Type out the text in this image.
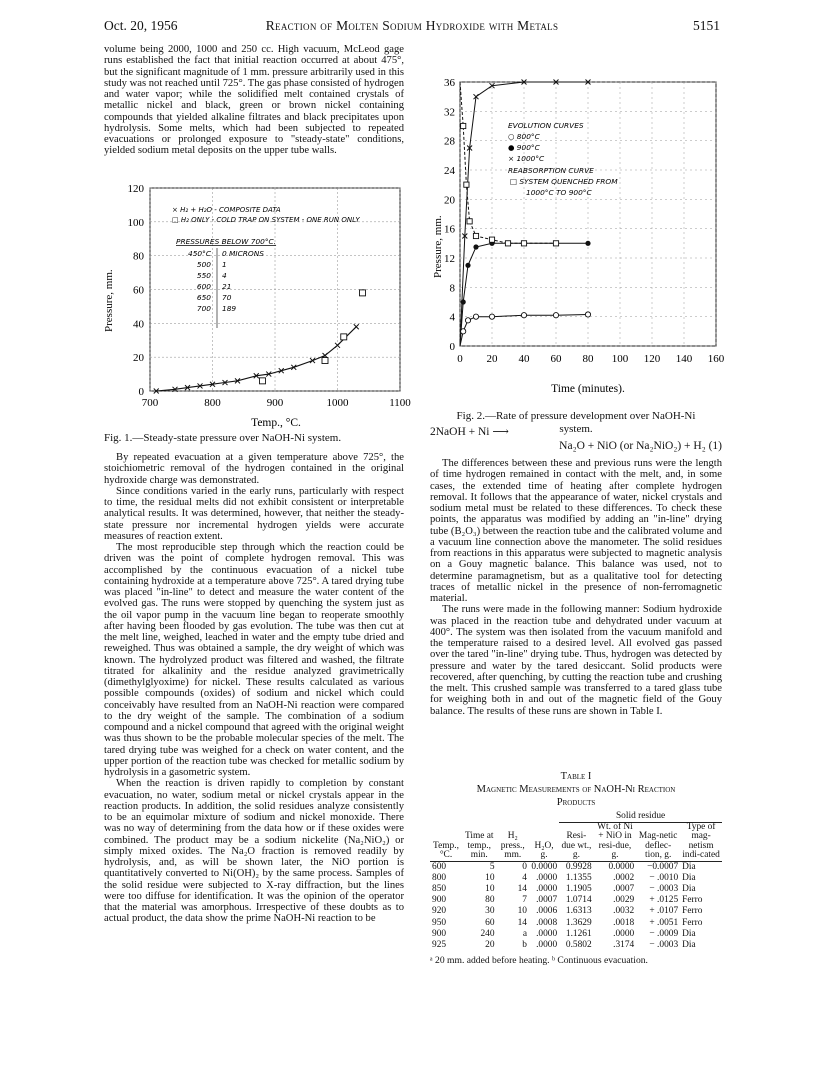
Oct. 20, 1956	Reaction of Molten Sodium Hydroxide with Metals	5151

volume being 2000, 1000 and 250 cc. High vacuum, McLeod gage runs established the fact that initial reaction occurred at about 475°, but the significant magnitude of 1 mm. pressure arbitrarily used in this study was not reached until 725°. The gas phase consisted of hydrogen and water vapor; while the solidified melt contained crystals of metallic nickel and black, green or brown nickel containing compounds that yielded alkaline filtrates and black precipitates upon hydrolysis. Some melts, which had been subjected to repeated evacuations or prolonged exposure to "steady-state" conditions, yielded sodium metal deposits on the upper tube walls.

700	800	900	1000	1100
0
20
40
60
80
100
120
Pressure, mm.
Temp., °C.
× H₂ + H₂O - COMPOSITE DATA
□ H₂ ONLY - COLD TRAP ON SYSTEM - ONE RUN ONLY
PRESSURES BELOW 700°C.
450°C 0 MICRONS
500 1
550 4
600 21
650 70
700 189
Fig. 1.—Steady-state pressure over NaOH-Ni system.
0 20 40 60 80 100 120 140 160
0
4
8
12
16
20
24
28
32
36
Pressure, mm.
Time (minutes).
EVOLUTION CURVES
○ 800°C
● 900°C
× 1000°C
REABSORPTION CURVE
□ SYSTEM QUENCHED FROM
1000°C TO 900°C
Fig. 2.—Rate of pressure development over NaOH-Ni
system.
2NaOH + Ni ⟶
Na₂O + NiO (or Na₂NiO₂) + H₂ (1)

By repeated evacuation at a given temperature above 725°, the stoichiometric removal of the hydrogen contained in the original hydroxide charge was demonstrated.

Since conditions varied in the early runs, particularly with respect to time, the residual melts did not exhibit consistent or interpretable analytical results. It was determined, however, that neither the steady-state pressure nor incremental hydrogen yields were accurate measures of reaction extent.

The most reproducible step through which the reaction could be driven was the point of complete hydrogen removal. This was accomplished by the continuous evacuation of a nickel tube containing hydroxide at a temperature above 725°. A tared drying tube was placed "in-line" to detect and measure the water content of the evolved gas. The runs were stopped by quenching the system just as the oil vapor pump in the vacuum line began to reoperate smoothly after having been flooded by gas evolution. The tube was then cut at the melt line, weighed, leached in water and the empty tube dried and reweighed. Thus was obtained a sample, the dry weight of which was known. The hydrolyzed product was filtered and washed, the filtrate titrated for alkalinity and the residue analyzed gravimetrically (dimethylglyoxime) for nickel. These results calculated as various possible compounds (oxides) of sodium and nickel which could conceivably have resulted from an NaOH-Ni reaction were compared to the dry weight of the sample. The combination of a sodium compound and a nickel compound that agreed with the original weight was thus shown to be the probable molecular species of the melt. The tared drying tube was weighed for a check on water content, and the upper portion of the reaction tube was checked for metallic sodium by hydrolysis in a gasometric system.

When the reaction is driven rapidly to completion by constant evacuation, no water, sodium metal or nickel crystals appear in the reaction products. In addition, the solid residues analyze consistently to be an equimolar mixture of sodium and nickel monoxide. There was no way of determining from the data how or if these oxides were combined. The product may be a sodium nickelite (Na₂NiO₂) or simply mixed oxides. The Na₂O fraction is removed readily by hydrolysis, and, as will be shown later, the NiO portion is quantitatively converted to Ni(OH)₂ by the same process. Samples of the solid residue were subjected to X-ray diffraction, but the lines were too diffuse for identification. It was the opinion of the operator that the material was amorphous. Irrespective of these doubts as to actual product, the data show the prime NaOH-Ni reaction to be

The differences between these and previous runs were the length of time hydrogen remained in contact with the melt, and, in some cases, the extended time of heating after complete hydrogen removal. It follows that the appearance of water, nickel crystals and sodium metal must be related to these differences. To check these points, the apparatus was modified by adding an "in-line" drying tube (B₂O₃) between the reaction tube and the calibrated volume and a vacuum line connection above the manometer. The solid residues from reactions in this apparatus were subjected to magnetic analysis on a Gouy magnetic balance. This balance was used, not to determine paramagnetism, but as a qualitative tool for detecting traces of metallic nickel in the presence of non-ferromagnetic material.

The runs were made in the following manner: Sodium hydroxide was placed in the reaction tube and dehydrated under vacuum at 400°. The system was then isolated from the vacuum manifold and the temperature raised to a desired level. All evolved gas passed over the tared "in-line" drying tube. Thus, hydrogen was detected by pressure and water by the tared desiccant. Solid products were recovered, after quenching, by cutting the reaction tube and crushing the melt. This crushed sample was transferred to a tared glass tube for weighing both in and out of the magnetic field of the Gouy balance. The results of these runs are shown in Table I.

Table I
Magnetic Measurements of NaOH-Ni Reaction
Products
				Solid residue			
Temp., °C.	Time at temp., min.	H₂ press., mm.	H₂O, g.	Resi-due wt., g.	Wt. of Ni + NiO in resi-due, g.	Mag-netic deflec-tion, g.	Type of mag-netism indi-cated
600	5	0	0.0000	0.9928	0.0000	−0.0007	Dia
800	10	4	.0000	1.1355	.0002	− .0010	Dia
850	10	14	.0000	1.1905	.0007	− .0003	Dia
900	80	7	.0007	1.0714	.0029	+ .0125	Ferro
920	30	10	.0006	1.6313	.0032	+ .0107	Ferro
950	60	14	.0008	1.3629	.0018	+ .0051	Ferro
900	240	a	.0000	1.1261	.0000	− .0009	Dia
925	20	b	.0000	0.5802	.3174	− .0003	Dia
ᵃ 20 mm. added before heating. ᵇ Continuous evacuation.
